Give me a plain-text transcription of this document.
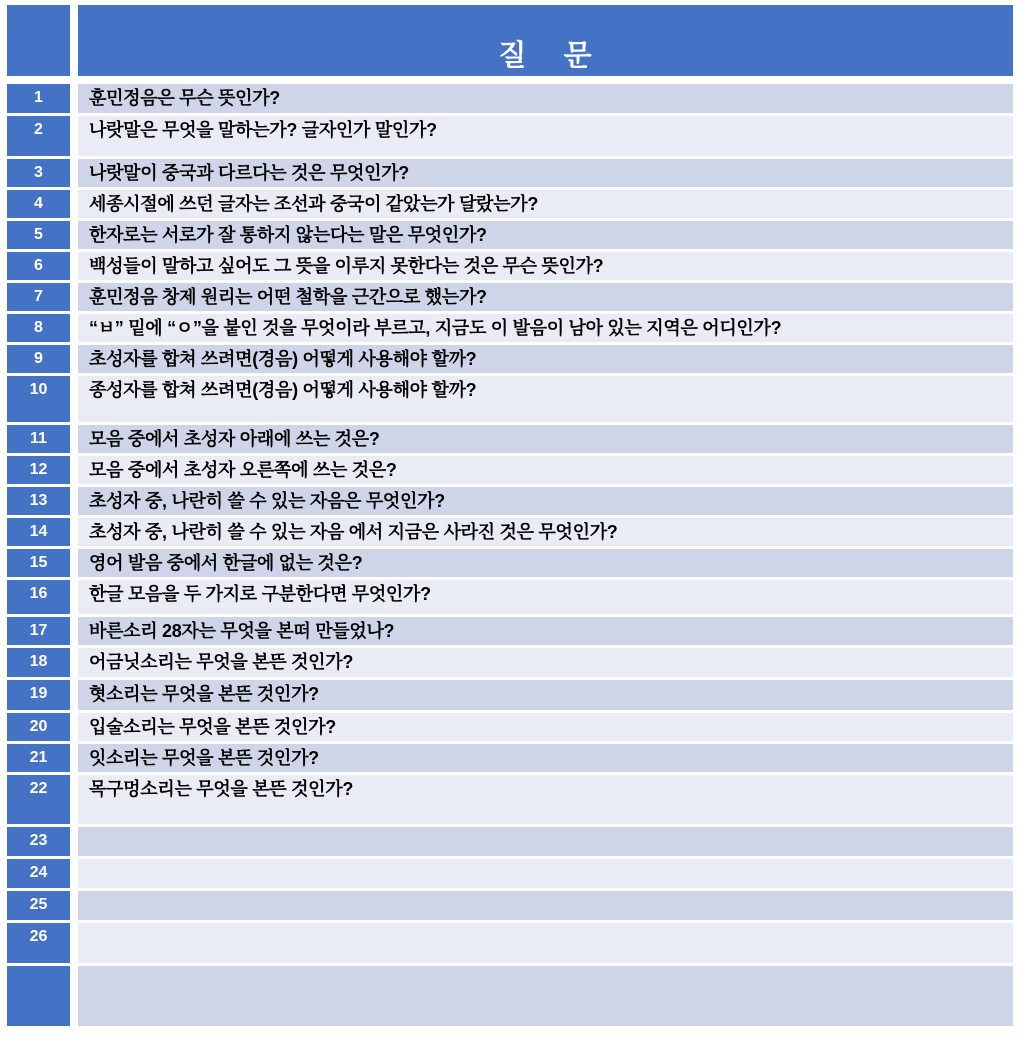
질    문
1	훈민정음은 무슨 뜻인가?
2	나랏말은 무엇을 말하는가? 글자인가 말인가?
3	나랏말이 중국과 다르다는 것은 무엇인가?
4	세종시절에 쓰던 글자는 조선과 중국이 같았는가 달랐는가?
5	한자로는 서로가 잘 통하지 않는다는 말은 무엇인가?
6	백성들이 말하고 싶어도 그 뜻을 이루지 못한다는 것은 무슨 뜻인가?
7	훈민정음 창제 원리는 어떤 철학을 근간으로 했는가?
8	“ㅂ” 밑에 “ㅇ”을 붙인 것을 무엇이라 부르고, 지금도 이 발음이 남아 있는 지역은 어디인가?
9	초성자를 합쳐 쓰려면(경음) 어떻게 사용해야 할까?
10	종성자를 합쳐 쓰려면(경음) 어떻게 사용해야 할까?
11	모음 중에서 초성자 아래에 쓰는 것은?
12	모음 중에서 초성자 오른쪽에 쓰는 것은?
13	초성자 중, 나란히 쓸 수 있는 자음은 무엇인가?
14	초성자 중, 나란히 쓸 수 있는 자음 에서 지금은 사라진 것은 무엇인가?
15	영어 발음 중에서 한글에 없는 것은?
16	한글 모음을 두 가지로 구분한다면 무엇인가?
17	바른소리 28자는 무엇을 본떠 만들었나?
18	어금닛소리는 무엇을 본뜬 것인가?
19	혓소리는 무엇을 본뜬 것인가?
20	입술소리는 무엇을 본뜬 것인가?
21	잇소리는 무엇을 본뜬 것인가?
22	목구멍소리는 무엇을 본뜬 것인가?
23
24
25
26
